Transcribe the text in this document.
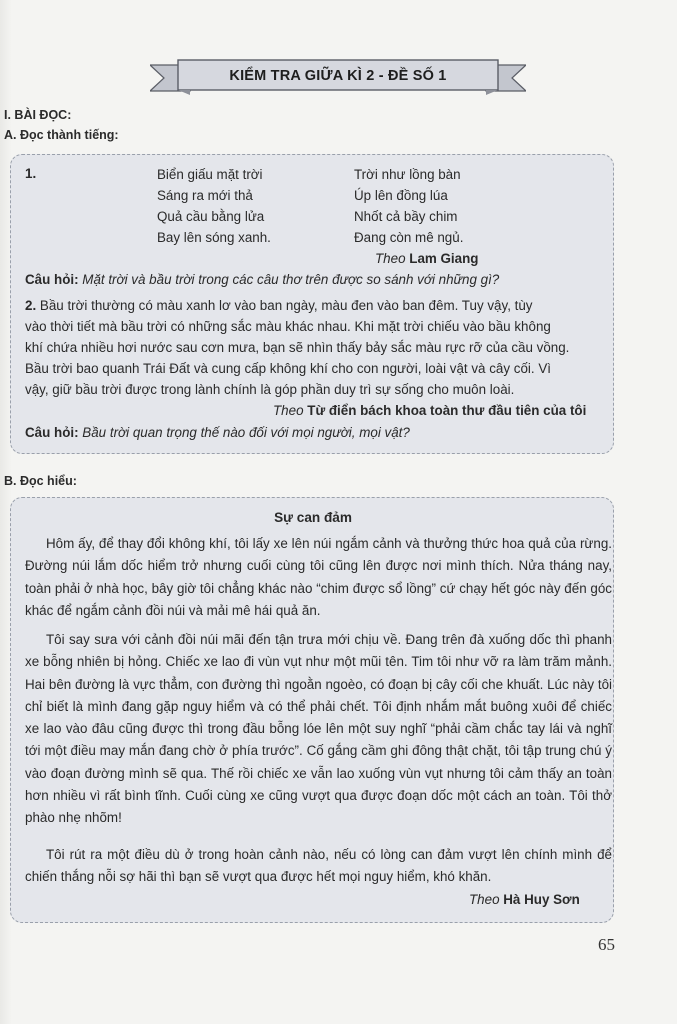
KIỂM TRA GIỮA KÌ 2 - ĐỀ SỐ 1
I. BÀI ĐỌC:
A. Đọc thành tiếng:
1.	Biển giấu mặt trời
Sáng ra mới thả
Quả cầu bằng lửa
Bay lên sóng xanh.
Trời như lồng bàn
Úp lên đồng lúa
Nhốt cả bầy chim
Đang còn mê ngủ.
Theo Lam Giang
Câu hỏi: Mặt trời và bầu trời trong các câu thơ trên được so sánh với những gì?
2. Bầu trời thường có màu xanh lơ vào ban ngày, màu đen vào ban đêm. Tuy vậy, tùy
vào thời tiết mà bầu trời có những sắc màu khác nhau. Khi mặt trời chiếu vào bầu không
khí chứa nhiều hơi nước sau cơn mưa, bạn sẽ nhìn thấy bảy sắc màu rực rỡ của cầu vồng.
Bầu trời bao quanh Trái Đất và cung cấp không khí cho con người, loài vật và cây cối. Vì
vậy, giữ bầu trời được trong lành chính là góp phần duy trì sự sống cho muôn loài.
Theo Từ điển bách khoa toàn thư đầu tiên của tôi
Câu hỏi: Bầu trời quan trọng thế nào đối với mọi người, mọi vật?
B. Đọc hiểu:
Sự can đảm
Hôm ấy, để thay đổi không khí, tôi lấy xe lên núi ngắm cảnh và thưởng thức hoa quả của rừng. Đường núi lắm dốc hiểm trở nhưng cuối cùng tôi cũng lên được nơi mình thích. Nửa tháng nay, toàn phải ở nhà học, bây giờ tôi chẳng khác nào “chim được sổ lồng” cứ chạy hết góc này đến góc khác để ngắm cảnh đồi núi và mải mê hái quả ăn.
Tôi say sưa với cảnh đồi núi mãi đến tận trưa mới chịu về. Đang trên đà xuống dốc thì phanh xe bỗng nhiên bị hỏng. Chiếc xe lao đi vùn vụt như một mũi tên. Tim tôi như vỡ ra làm trăm mảnh. Hai bên đường là vực thẳm, con đường thì ngoằn ngoèo, có đoạn bị cây cối che khuất. Lúc này tôi chỉ biết là mình đang gặp nguy hiểm và có thể phải chết. Tôi định nhắm mắt buông xuôi để chiếc xe lao vào đâu cũng được thì trong đầu bỗng lóe lên một suy nghĩ “phải cầm chắc tay lái và nghĩ tới một điều may mắn đang chờ ở phía trước”. Cố gắng cầm ghi đông thật chặt, tôi tập trung chú ý vào đoạn đường mình sẽ qua. Thế rồi chiếc xe vẫn lao xuống vùn vụt nhưng tôi cảm thấy an toàn hơn nhiều vì rất bình tĩnh. Cuối cùng xe cũng vượt qua được đoạn dốc một cách an toàn. Tôi thở phào nhẹ nhõm!
Tôi rút ra một điều dù ở trong hoàn cảnh nào, nếu có lòng can đảm vượt lên chính mình để chiến thắng nỗi sợ hãi thì bạn sẽ vượt qua được hết mọi nguy hiểm, khó khăn.
Theo Hà Huy Sơn
65
